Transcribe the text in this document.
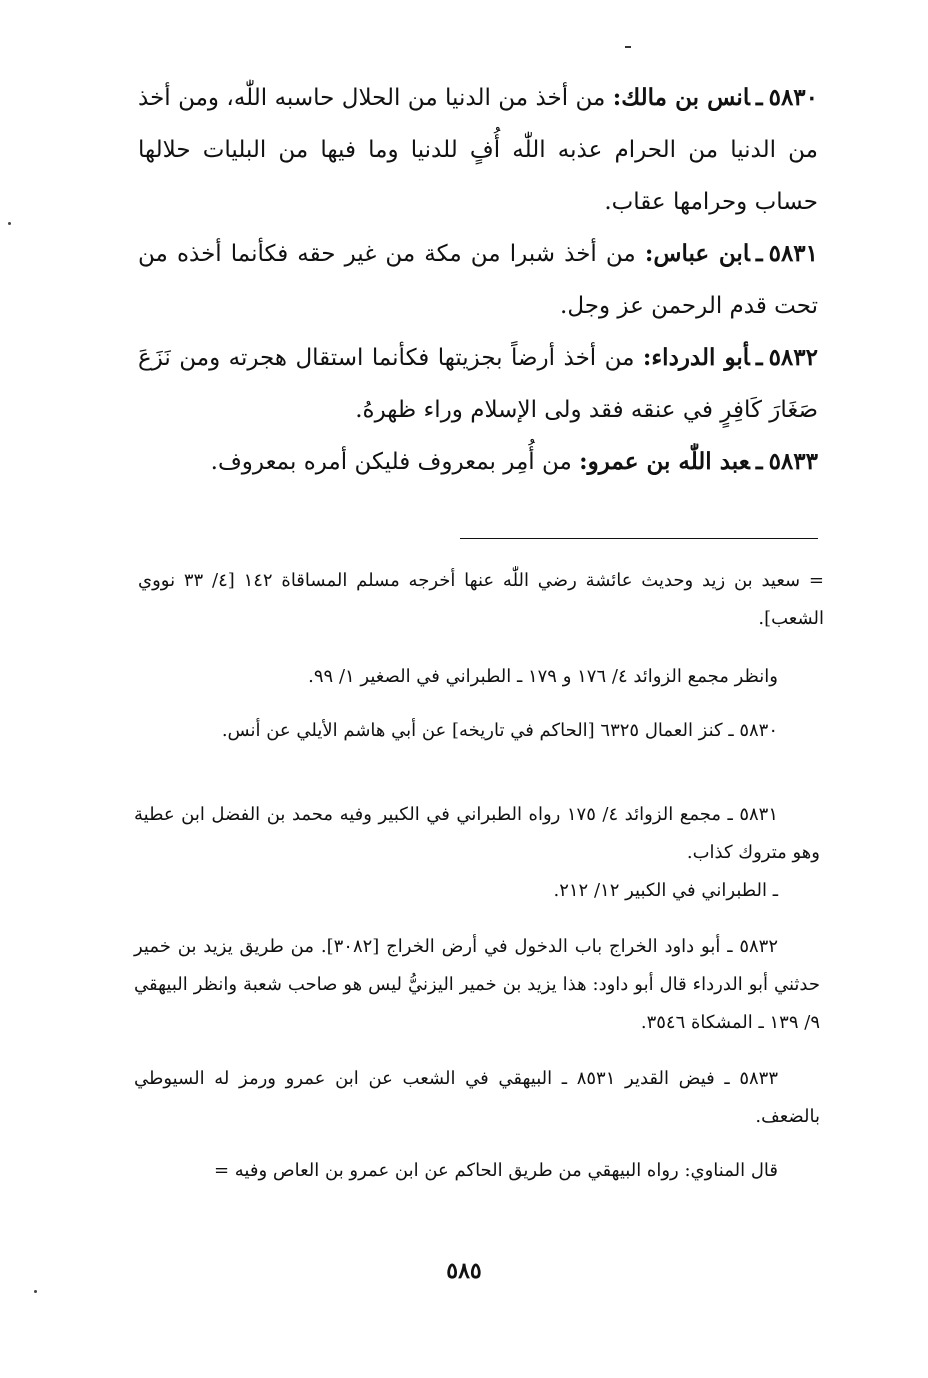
٥٨٣٠ـانس بن مالك: من أخذ من الدنيا من الحلال حاسبه اللّٰه، ومن أخذ من الدنيا من الحرام عذبه اللّٰه أُفٍ للدنيا وما فيها من البليات حلالها حساب وحرامها عقاب.

٥٨٣١ـابن عباس: من أخذ شبرا من مكة من غير حقه فكأنما أخذه من تحت قدم الرحمن عز وجل.

٥٨٣٢ـأبو الدرداء: من أخذ أرضاً بجزيتها فكأنما استقال هجرته ومن نَزَعَ صَغَارَ كَافِرٍ في عنقه فقد ولى الإسلام وراء ظهرهُ.

٥٨٣٣ـعبد اللّٰه بن عمرو: من أُمِر بمعروف فليكن أمره بمعروف.

= سعيد بن زيد وحديث عائشة رضي اللّٰه عنها أخرجه مسلم المساقاة ١٤٢ [٤/ ٣٣ نووي الشعب].

وانظر مجمع الزوائد ٤/ ١٧٦ و ١٧٩ ـ الطبراني في الصغير ١/ ٩٩.

٥٨٣٠ ـ كنز العمال ٦٣٢٥ [الحاكم في تاريخه] عن أبي هاشم الأيلي عن أنس.

٥٨٣١ ـ مجمع الزوائد ٤/ ١٧٥ رواه الطبراني في الكبير وفيه محمد بن الفضل ابن عطية وهو متروك كذاب.

ـ الطبراني في الكبير ١٢/ ٢١٢.

٥٨٣٢ ـ أبو داود الخراج باب الدخول في أرض الخراج [٣٠٨٢]. من طريق يزيد بن خمير حدثني أبو الدرداء قال أبو داود: هذا يزيد بن خمير اليزنيُّ ليس هو صاحب شعبة وانظر البيهقي ٩/ ١٣٩ ـ المشكاة ٣٥٤٦.

٥٨٣٣ ـ فيض القدير ٨٥٣١ ـ البيهقي في الشعب عن ابن عمرو ورمز له السيوطي بالضعف.

قال المناوي: رواه البيهقي من طريق الحاكم عن ابن عمرو بن العاص وفيه =

٥٨٥
